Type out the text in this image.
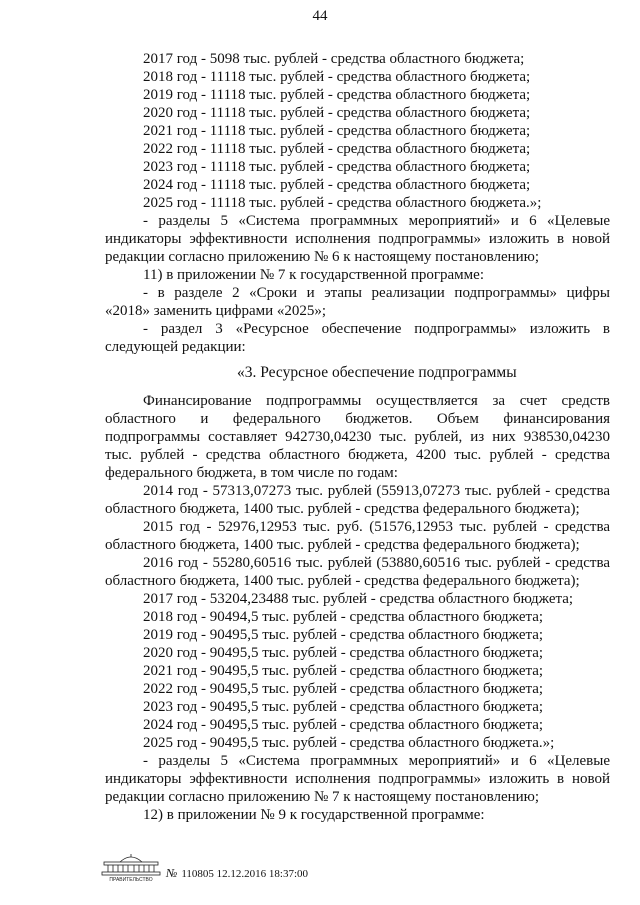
44
2017 год - 5098 тыс. рублей - средства областного бюджета;
2018 год - 11118 тыс. рублей - средства областного бюджета;
2019 год - 11118 тыс. рублей - средства областного бюджета;
2020 год - 11118 тыс. рублей - средства областного бюджета;
2021 год - 11118 тыс. рублей - средства областного бюджета;
2022 год - 11118 тыс. рублей - средства областного бюджета;
2023 год - 11118 тыс. рублей - средства областного бюджета;
2024 год - 11118 тыс. рублей - средства областного бюджета;
2025 год - 11118 тыс. рублей - средства областного бюджета.»;
- разделы 5 «Система программных мероприятий» и 6 «Целевые
индикаторы эффективности исполнения подпрограммы» изложить в новой
редакции согласно приложению № 6 к настоящему постановлению;
11) в приложении № 7 к государственной программе:
- в разделе 2 «Сроки и этапы реализации подпрограммы» цифры
«2018» заменить цифрами «2025»;
- раздел 3 «Ресурсное обеспечение подпрограммы» изложить в
следующей редакции:
«3. Ресурсное обеспечение подпрограммы
Финансирование подпрограммы осуществляется за счет средств
областного и федерального бюджетов. Объем финансирования
подпрограммы составляет 942730,04230 тыс. рублей, из них 938530,04230
тыс. рублей - средства областного бюджета, 4200 тыс. рублей - средства
федерального бюджета, в том числе по годам:
2014 год - 57313,07273 тыс. рублей (55913,07273 тыс. рублей - средства
областного бюджета, 1400 тыс. рублей - средства федерального бюджета);
2015 год - 52976,12953 тыс. руб. (51576,12953 тыс. рублей - средства
областного бюджета, 1400 тыс. рублей - средства федерального бюджета);
2016 год - 55280,60516 тыс. рублей (53880,60516 тыс. рублей - средства
областного бюджета, 1400 тыс. рублей - средства федерального бюджета);
2017 год - 53204,23488 тыс. рублей - средства областного бюджета;
2018 год - 90494,5 тыс. рублей - средства областного бюджета;
2019 год - 90495,5 тыс. рублей - средства областного бюджета;
2020 год - 90495,5 тыс. рублей - средства областного бюджета;
2021 год - 90495,5 тыс. рублей - средства областного бюджета;
2022 год - 90495,5 тыс. рублей - средства областного бюджета;
2023 год - 90495,5 тыс. рублей - средства областного бюджета;
2024 год - 90495,5 тыс. рублей - средства областного бюджета;
2025 год - 90495,5 тыс. рублей - средства областного бюджета.»;
- разделы 5 «Система программных мероприятий» и 6 «Целевые
индикаторы эффективности исполнения подпрограммы» изложить в новой
редакции согласно приложению № 7 к настоящему постановлению;
12) в приложении № 9 к государственной программе:
ПРАВИТЕЛЬСТВО
№ 110805 12.12.2016 18:37:00
